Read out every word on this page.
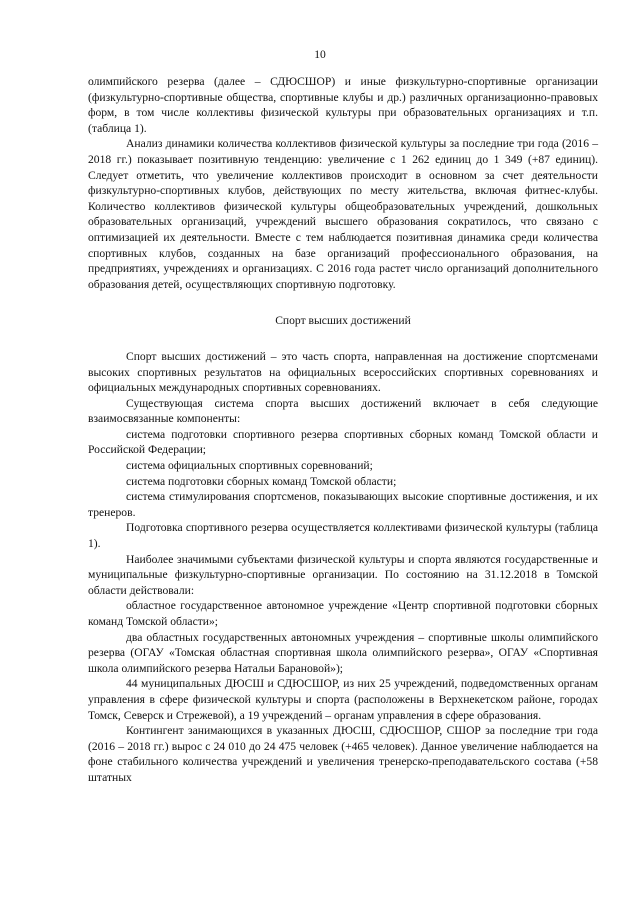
10

олимпийского резерва (далее – СДЮСШОР) и иные физкультурно-спортивные организации (физкультурно-спортивные общества, спортивные клубы и др.) различных организационно-правовых форм, в том числе коллективы физической культуры при образовательных организациях и т.п. (таблица 1).

Анализ динамики количества коллективов физической культуры за последние три года (2016 – 2018 гг.) показывает позитивную тенденцию: увеличение с 1 262 единиц до 1 349 (+87 единиц). Следует отметить, что увеличение коллективов происходит в основном за счет деятельности физкультурно-спортивных клубов, действующих по месту жительства, включая фитнес-клубы. Количество коллективов физической культуры общеобразовательных учреждений, дошкольных образовательных организаций, учреждений высшего образования сократилось, что связано с оптимизацией их деятельности. Вместе с тем наблюдается позитивная динамика среди количества спортивных клубов, созданных на базе организаций профессионального образования, на предприятиях, учреждениях и организациях. С 2016 года растет число организаций дополнительного образования детей, осуществляющих спортивную подготовку.

Спорт высших достижений

Спорт высших достижений – это часть спорта, направленная на достижение спортсменами высоких спортивных результатов на официальных всероссийских спортивных соревнованиях и официальных международных спортивных соревнованиях.

Существующая система спорта высших достижений включает в себя следующие взаимосвязанные компоненты:

система подготовки спортивного резерва спортивных сборных команд Томской области и Российской Федерации;

система официальных спортивных соревнований;

система подготовки сборных команд Томской области;

система стимулирования спортсменов, показывающих высокие спортивные достижения, и их тренеров.

Подготовка спортивного резерва осуществляется коллективами физической культуры (таблица 1).

Наиболее значимыми субъектами физической культуры и спорта являются государственные и муниципальные физкультурно-спортивные организации. По состоянию на 31.12.2018 в Томской области действовали:

областное государственное автономное учреждение «Центр спортивной подготовки сборных команд Томской области»;

два областных государственных автономных учреждения – спортивные школы олимпийского резерва (ОГАУ «Томская областная спортивная школа олимпийского резерва», ОГАУ «Спортивная школа олимпийского резерва Натальи Барановой»);

44 муниципальных ДЮСШ и СДЮСШОР, из них 25 учреждений, подведомственных органам управления в сфере физической культуры и спорта (расположены в Верхнекетском районе, городах Томск, Северск и Стрежевой), а 19 учреждений – органам управления в сфере образования.

Контингент занимающихся в указанных ДЮСШ, СДЮСШОР, СШОР за последние три года (2016 – 2018 гг.) вырос с 24 010 до 24 475 человек (+465 человек). Данное увеличение наблюдается на фоне стабильного количества учреждений и увеличения тренерско-преподавательского состава (+58 штатных
